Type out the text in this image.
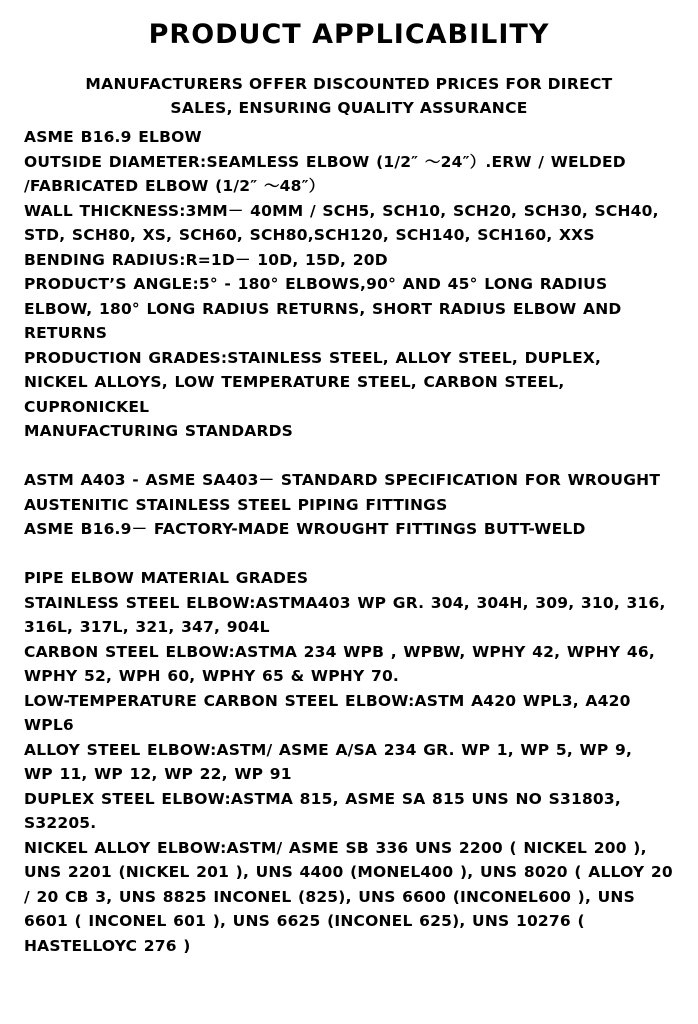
PRODUCT APPLICABILITY
MANUFACTURERS OFFER DISCOUNTED PRICES FOR DIRECT
SALES, ENSURING QUALITY ASSURANCE
ASME B16.9 ELBOW
OUTSIDE DIAMETER:SEAMLESS ELBOW (1/2″ ～24″）.ERW / WELDED
/FABRICATED ELBOW (1/2″ ～48″）
WALL THICKNESS:3MM－ 40MM / SCH5, SCH10, SCH20, SCH30, SCH40,
STD, SCH80, XS, SCH60, SCH80,SCH120, SCH140, SCH160, XXS
BENDING RADIUS:R=1D－ 10D, 15D, 20D
PRODUCT’S ANGLE:5° - 180° ELBOWS,90° AND 45° LONG RADIUS
ELBOW, 180° LONG RADIUS RETURNS, SHORT RADIUS ELBOW AND
RETURNS
PRODUCTION GRADES:STAINLESS STEEL, ALLOY STEEL, DUPLEX,
NICKEL ALLOYS, LOW TEMPERATURE STEEL, CARBON STEEL,
CUPRONICKEL
MANUFACTURING STANDARDS
ASTM A403 - ASME SA403－ STANDARD SPECIFICATION FOR WROUGHT
AUSTENITIC STAINLESS STEEL PIPING FITTINGS
ASME B16.9－ FACTORY-MADE WROUGHT FITTINGS BUTT-WELD
PIPE ELBOW MATERIAL GRADES
STAINLESS STEEL ELBOW:ASTMA403 WP GR. 304, 304H, 309, 310, 316,
316L, 317L, 321, 347, 904L
CARBON STEEL ELBOW:ASTMA 234 WPB , WPBW, WPHY 42, WPHY 46,
WPHY 52, WPH 60, WPHY 65 & WPHY 70.
LOW-TEMPERATURE CARBON STEEL ELBOW:ASTM A420 WPL3, A420
WPL6
ALLOY STEEL ELBOW:ASTM/ ASME A/SA 234 GR. WP 1, WP 5, WP 9,
WP 11, WP 12, WP 22, WP 91
DUPLEX STEEL ELBOW:ASTMA 815, ASME SA 815 UNS NO S31803,
S32205.
NICKEL ALLOY ELBOW:ASTM/ ASME SB 336 UNS 2200 ( NICKEL 200 ),
UNS 2201 (NICKEL 201 ), UNS 4400 (MONEL400 ), UNS 8020 ( ALLOY 20
/ 20 CB 3, UNS 8825 INCONEL (825), UNS 6600 (INCONEL600 ), UNS
6601 ( INCONEL 601 ), UNS 6625 (INCONEL 625), UNS 10276 (
HASTELLOYC 276 )
